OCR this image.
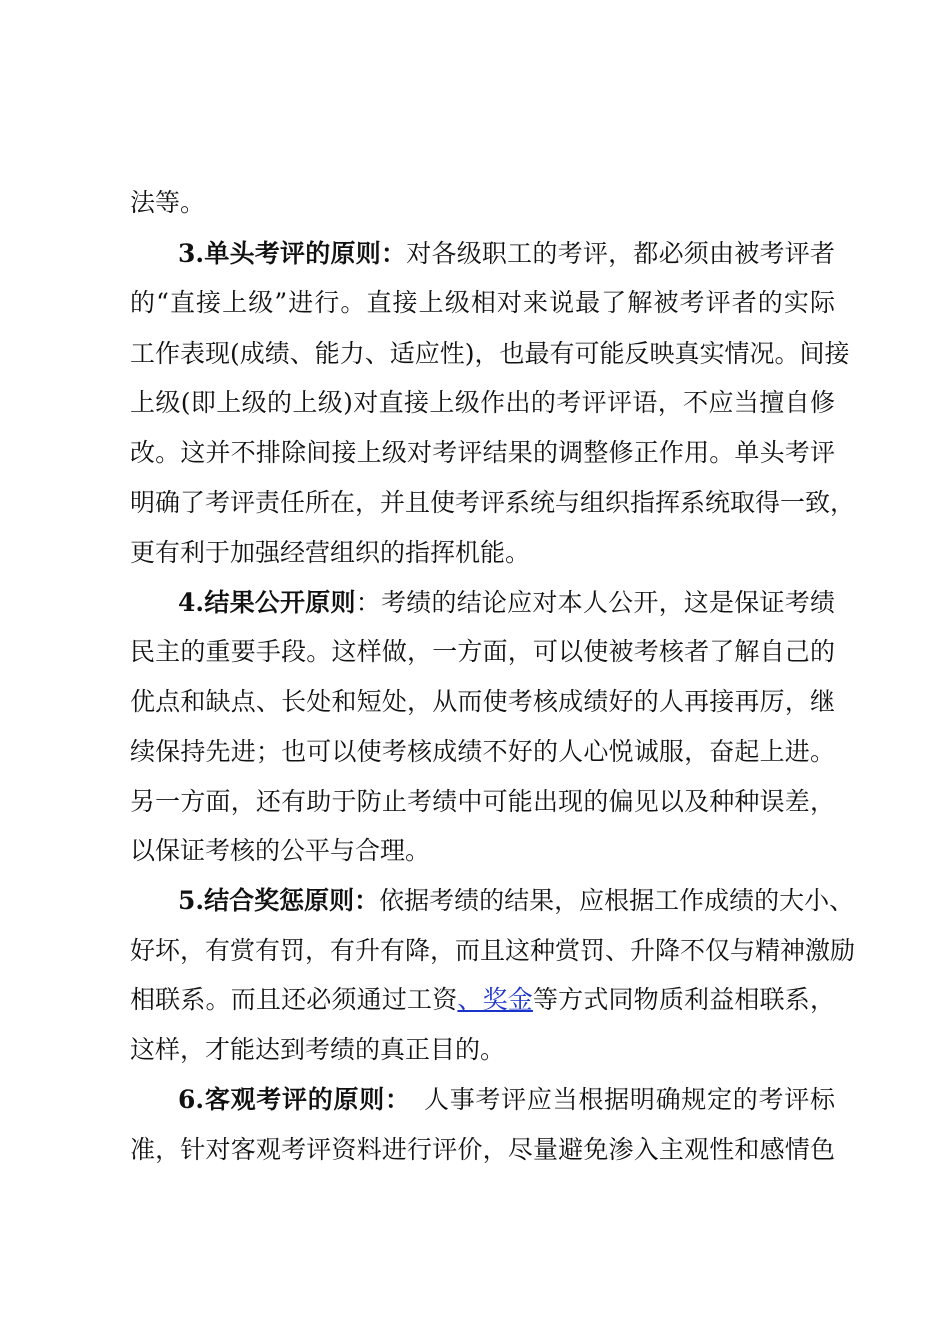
法等。
3.单头考评的原则：对各级职工的考评，都必须由被考评者
的“直接上级”进行。直接上级相对来说最了解被考评者的实际
工作表现(成绩、能力、适应性)，也最有可能反映真实情况。间接
上级(即上级的上级)对直接上级作出的考评评语，不应当擅自修
改。这并不排除间接上级对考评结果的调整修正作用。单头考评
明确了考评责任所在，并且使考评系统与组织指挥系统取得一致，
更有利于加强经营组织的指挥机能。
4.结果公开原则：考绩的结论应对本人公开，这是保证考绩
民主的重要手段。这样做，一方面，可以使被考核者了解自己的
优点和缺点、长处和短处，从而使考核成绩好的人再接再厉，继
续保持先进；也可以使考核成绩不好的人心悦诚服，奋起上进。
另一方面，还有助于防止考绩中可能出现的偏见以及种种误差，
以保证考核的公平与合理。
5.结合奖惩原则：依据考绩的结果，应根据工作成绩的大小、
好坏，有赏有罚，有升有降，而且这种赏罚、升降不仅与精神激励
相联系。而且还必须通过工资、奖金等方式同物质利益相联系，
这样，才能达到考绩的真正目的。
6.客观考评的原则：　人事考评应当根据明确规定的考评标
准，针对客观考评资料进行评价，尽量避免渗入主观性和感情色
